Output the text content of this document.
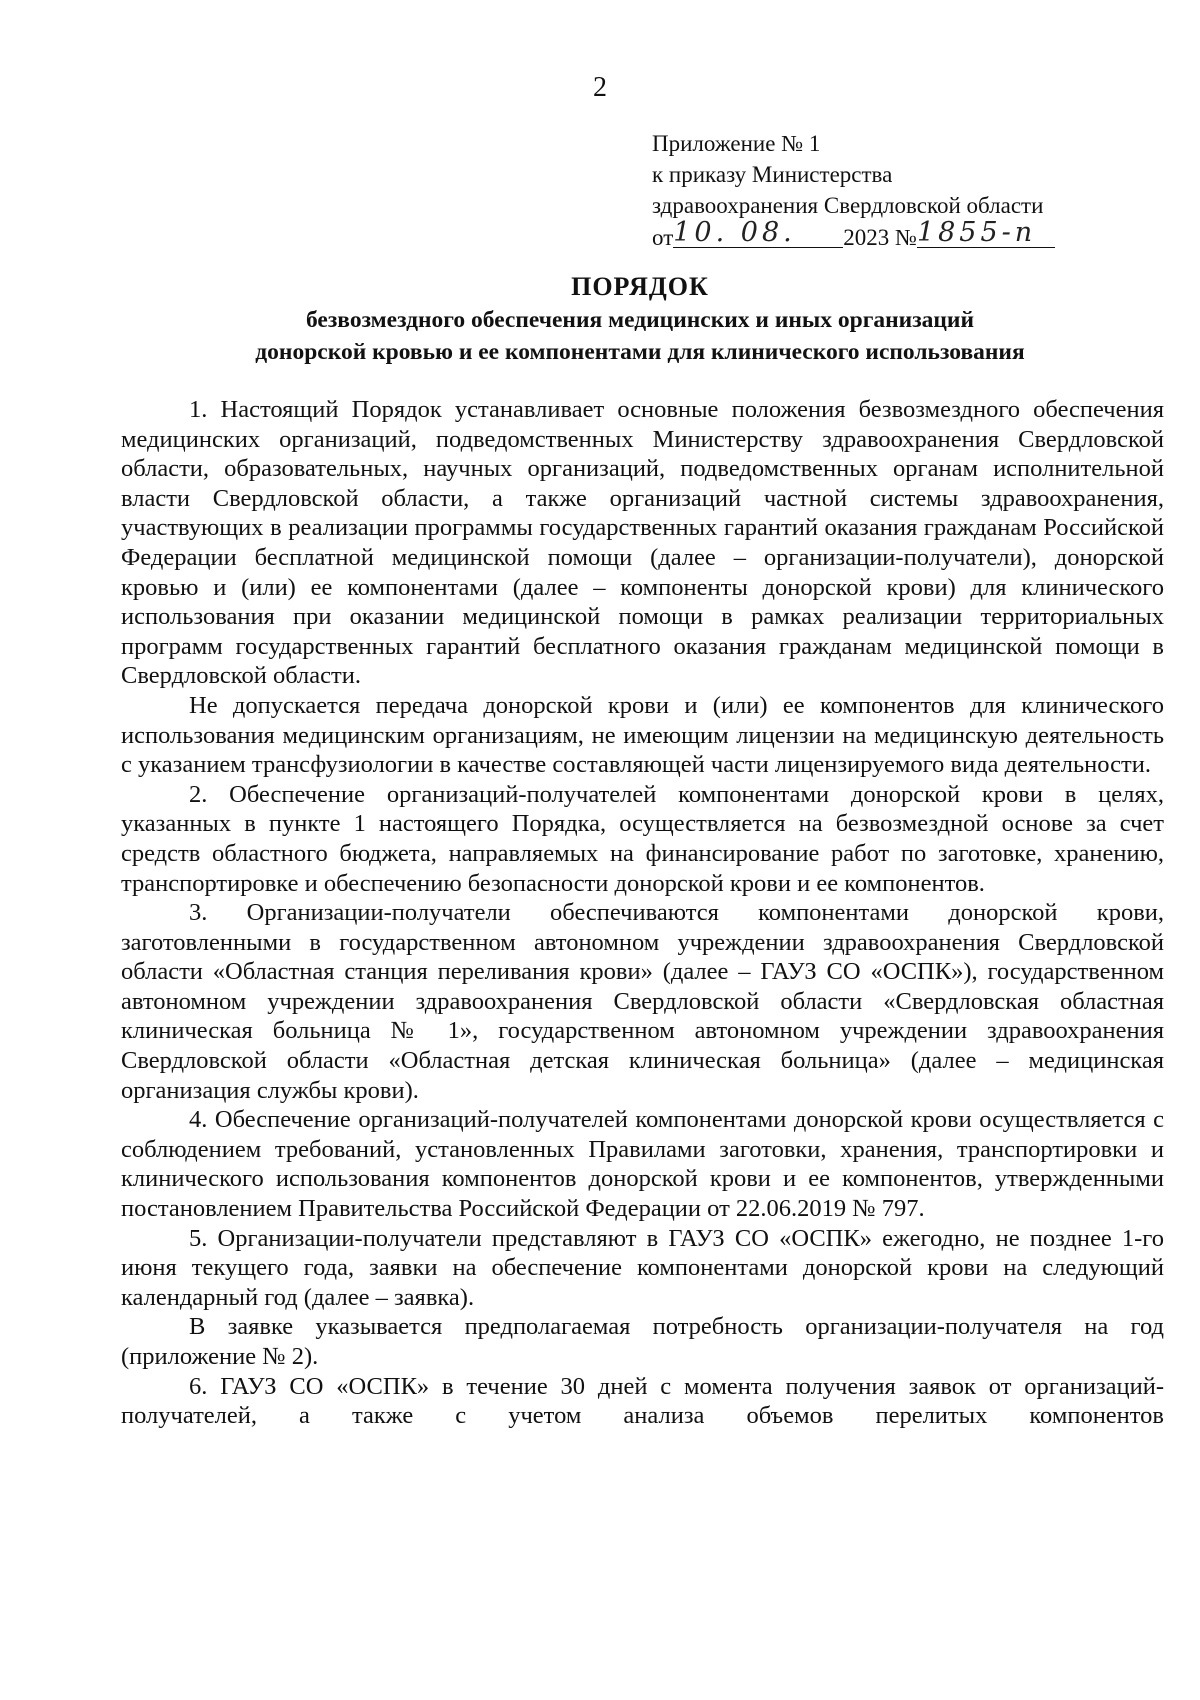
2
Приложение № 1
к приказу Министерства
здравоохранения Свердловской области
от10. 08. 2023 №1855-п
ПОРЯДОК
безвозмездного обеспечения медицинских и иных организаций
донорской кровью и ее компонентами для клинического использования

1. Настоящий Порядок устанавливает основные положения безвозмездного обеспечения медицинских организаций, подведомственных Министерству здравоохранения Свердловской области, образовательных, научных организаций, подведомственных органам исполнительной власти Свердловской области, а также организаций частной системы здравоохранения, участвующих в реализации программы государственных гарантий оказания гражданам Российской Федерации бесплатной медицинской помощи (далее – организации-получатели), донорской кровью и (или) ее компонентами (далее – компоненты донорской крови) для клинического использования при оказании медицинской помощи в рамках реализации территориальных программ государственных гарантий бесплатного оказания гражданам медицинской помощи в Свердловской области.

Не допускается передача донорской крови и (или) ее компонентов для клинического использования медицинским организациям, не имеющим лицензии на медицинскую деятельность с указанием трансфузиологии в качестве составляющей части лицензируемого вида деятельности.

2. Обеспечение организаций-получателей компонентами донорской крови в целях, указанных в пункте 1 настоящего Порядка, осуществляется на безвозмездной основе за счет средств областного бюджета, направляемых на финансирование работ по заготовке, хранению, транспортировке и обеспечению безопасности донорской крови и ее компонентов.

3. Организации-получатели обеспечиваются компонентами донорской крови, заготовленными в государственном автономном учреждении здравоохранения Свердловской области «Областная станция переливания крови» (далее – ГАУЗ СО «ОСПК»), государственном автономном учреждении здравоохранения Свердловской области «Свердловская областная клиническая больница № 1», государственном автономном учреждении здравоохранения Свердловской области «Областная детская клиническая больница» (далее – медицинская организация службы крови).

4. Обеспечение организаций-получателей компонентами донорской крови осуществляется с соблюдением требований, установленных Правилами заготовки, хранения, транспортировки и клинического использования компонентов донорской крови и ее компонентов, утвержденными постановлением Правительства Российской Федерации от 22.06.2019 № 797.

5. Организации-получатели представляют в ГАУЗ СО «ОСПК» ежегодно, не позднее 1-го июня текущего года, заявки на обеспечение компонентами донорской крови на следующий календарный год (далее – заявка).

В заявке указывается предполагаемая потребность организации-получателя на год (приложение № 2).

6. ГАУЗ СО «ОСПК» в течение 30 дней с момента получения заявок от организаций-получателей, а также с учетом анализа объемов перелитых компонентов
